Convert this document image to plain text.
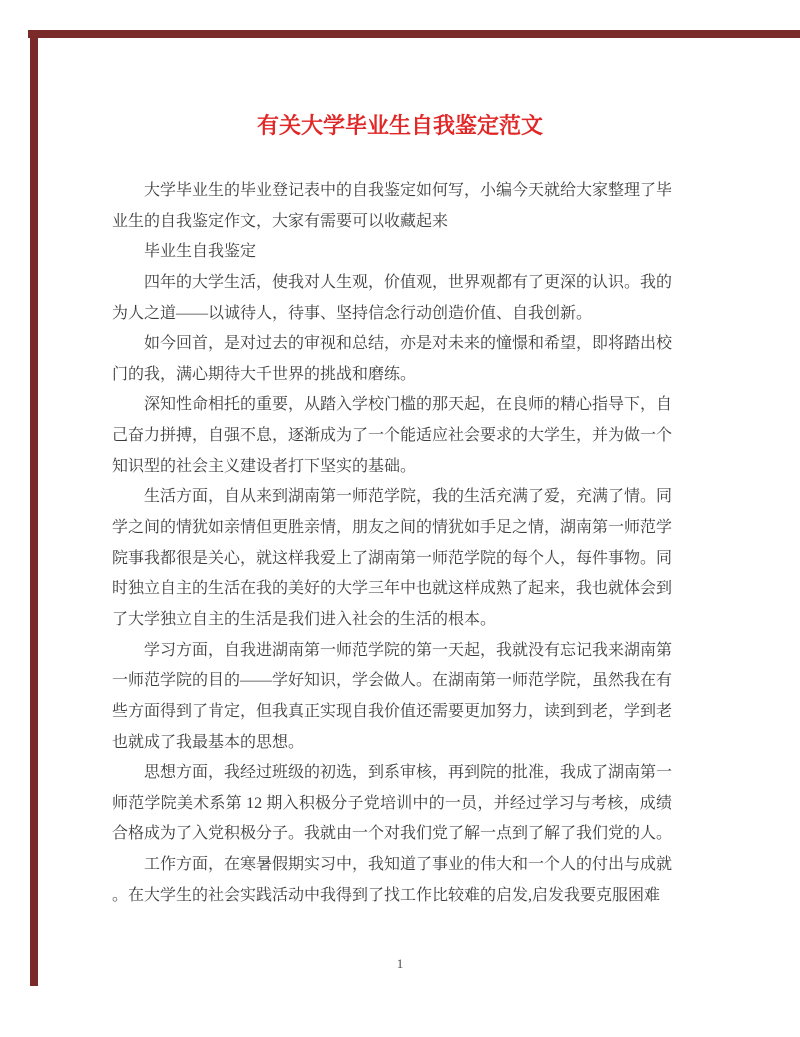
有关大学毕业生自我鉴定范文
大学毕业生的毕业登记表中的自我鉴定如何写，小编今天就给大家整理了毕
业生的自我鉴定作文，大家有需要可以收藏起来
毕业生自我鉴定
四年的大学生活，使我对人生观，价值观，世界观都有了更深的认识。我的
为人之道——以诚待人，待事、坚持信念行动创造价值、自我创新。
如今回首，是对过去的审视和总结，亦是对未来的憧憬和希望，即将踏出校
门的我，满心期待大千世界的挑战和磨练。
深知性命相托的重要，从踏入学校门槛的那天起，在良师的精心指导下，自
己奋力拼搏，自强不息，逐渐成为了一个能适应社会要求的大学生，并为做一个
知识型的社会主义建设者打下坚实的基础。
生活方面，自从来到湖南第一师范学院，我的生活充满了爱，充满了情。同
学之间的情犹如亲情但更胜亲情，朋友之间的情犹如手足之情，湖南第一师范学
院事我都很是关心，就这样我爱上了湖南第一师范学院的每个人，每件事物。同
时独立自主的生活在我的美好的大学三年中也就这样成熟了起来，我也就体会到
了大学独立自主的生活是我们进入社会的生活的根本。
学习方面，自我进湖南第一师范学院的第一天起，我就没有忘记我来湖南第
一师范学院的目的——学好知识，学会做人。在湖南第一师范学院，虽然我在有
些方面得到了肯定，但我真正实现自我价值还需要更加努力，读到到老，学到老
也就成了我最基本的思想。
思想方面，我经过班级的初选，到系审核，再到院的批准，我成了湖南第一
师范学院美术系第 12 期入积极分子党培训中的一员，并经过学习与考核，成绩
合格成为了入党积极分子。我就由一个对我们党了解一点到了解了我们党的人。
工作方面，在寒暑假期实习中，我知道了事业的伟大和一个人的付出与成就
。在大学生的社会实践活动中我得到了找工作比较难的启发,启发我要克服困难
1
